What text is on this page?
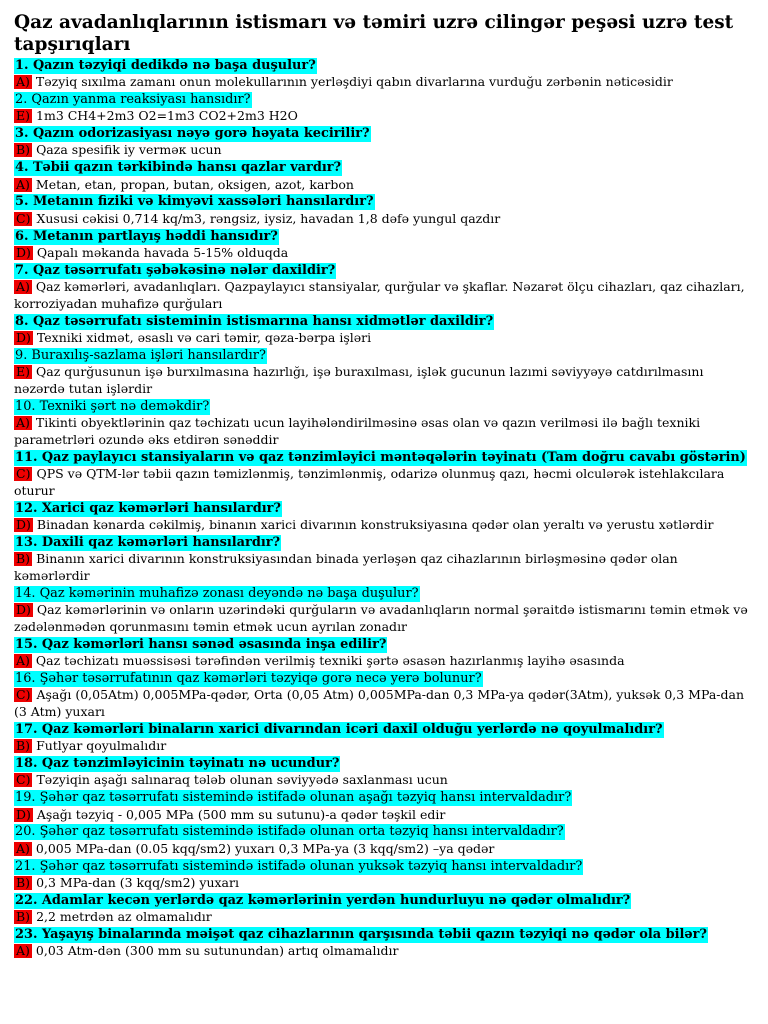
Qaz avadanlıqlarının istismarı və təmiri uzrə cilingər peşəsi uzrə test tapşırıqları
1. Qazın təzyiqi dedikdə nə başa duşulur?
A) Təzyiq sıxılma zamanı onun molekullarının yerləşdiyi qabın divarlarına vurduğu zərbənin nəticəsidir
2. Qazın yanma reaksiyası hansıdır?
E) 1m3 CH4+2m3 O2=1m3 CO2+2m3 H2O
3. Qazın odorizasiyası nəyə gorə həyata kecirilir?
B) Qaza spesifik iy verməк ucun
4. Təbii qazın tərkibində hansı qazlar vardır?
A) Metan, etan, propan, butan, oksigen, azot, karbon
5. Metanın fiziki və kimyəvi xassələri hansılardır?
C) Xususi cəkisi 0,714 kq/m3, rəngsiz, iysiz, havadan 1,8 dəfə yungul qazdır
6. Metanın partlayış həddi hansıdır?
D) Qapalı məkanda havada 5-15% olduqda
7. Qaz təsərrufatı şəbəkəsinə nələr daxildir?
A) Qaz kəmərləri, avadanlıqları. Qazpaylayıcı stansiyalar, qurğular və şkaflar. Nəzarət ölçu cihazları, qaz cihazları, korroziyadan muhafizə qurğuları
8. Qaz təsərrufatı sisteminin istismarına hansı xidmətlər daxildir?
D) Texniki xidmət, əsaslı və cari təmir, qəza-bərpa işləri
9. Buraxılış-sazlama işləri hansılardır?
E) Qaz qurğusunun işə burxılmasına hazırlığı, işə buraxılması, işlək gucunun lazımi səviyyəyə catdırılmasını nəzərdə tutan işlərdir
10. Texniki şərt nə deməkdir?
A) Tikinti obyektlərinin qaz təchizatı ucun layihələndirilməsinə əsas olan və qazın verilməsi ilə bağlı texniki parametrləri ozundə əks etdirən sənəddir
11. Qaz paylayıcı stansiyaların və qaz tənzimləyici məntəqələrin təyinatı (Tam doğru cavabı göstərin)
C) QPS və QTM-lər təbii qazın təmizlənmiş, tənzimlənmiş, odarizə olunmuş qazı, həcmi olculərək istehlakcılara oturur
12. Xarici qaz kəmərləri hansılardır?
D) Binadan kənarda cəkilmiş, binanın xarici divarının konstruksiyasına qədər olan yeraltı və yerustu xətlərdir
13. Daxili qaz kəmərləri hansılardır?
B) Binanın xarici divarının konstruksiyasından binada yerləşən qaz cihazlarının birləşməsinə qədər olan kəmərlərdir
14. Qaz kəmərinin muhafizə zonası deyəndə nə başa duşulur?
D) Qaz kəmərlərinin və onların uzərindəki qurğuların və avadanlıqların normal şəraitdə istismarını təmin etmək və zədələnmədən qorunmasını təmin etmək ucun ayrılan zonadır
15. Qaz kəmərləri hansı sənəd əsasında inşa edilir?
A) Qaz təchizatı muəssisəsi tərəfindən verilmiş texniki şərtə əsasən hazırlanmış layihə əsasında
16. Şəhər təsərrufatının qaz kəmərləri təzyiqə gorə necə yerə bolunur?
C) Aşağı (0,05Atm) 0,005MPa-qədər, Orta (0,05 Atm) 0,005MPa-dan 0,3 MPa-ya qədər(3Atm), yuksək 0,3 MPa-dan (3 Atm) yuxarı
17. Qaz kəmərləri binaların xarici divarından icəri daxil olduğu yerlərdə nə qoyulmalıdır?
B) Futlyar qoyulmalıdır
18. Qaz tənzimləyicinin təyinatı nə ucundur?
C) Təzyiqin aşağı salınaraq tələb olunan səviyyədə saxlanması ucun
19. Şəhər qaz təsərrufatı sistemində istifadə olunan aşağı təzyiq hansı intervaldadır?
D) Aşağı təzyiq - 0,005 MPa (500 mm su sutunu)-a qədər təşkil edir
20. Şəhər qaz təsərrufatı sistemində istifadə olunan orta təzyiq hansı intervaldadır?
A) 0,005 MPa-dan (0.05 kqq/sm2) yuxarı 0,3 MPa-ya (3 kqq/sm2) –ya qədər
21. Şəhər qaz təsərrufatı sistemində istifadə olunan yuksək təzyiq hansı intervaldadır?
B) 0,3 MPa-dan (3 kqq/sm2) yuxarı
22. Adamlar kecən yerlərdə qaz kəmərlərinin yerdən hundurluyu nə qədər olmalıdır?
B) 2,2 metrdən az olmamalıdır
23. Yaşayış binalarında məişət qaz cihazlarının qarşısında təbii qazın təzyiqi nə qədər ola bilər?
A) 0,03 Atm-dən (300 mm su sutunundan) artıq olmamalıdır
